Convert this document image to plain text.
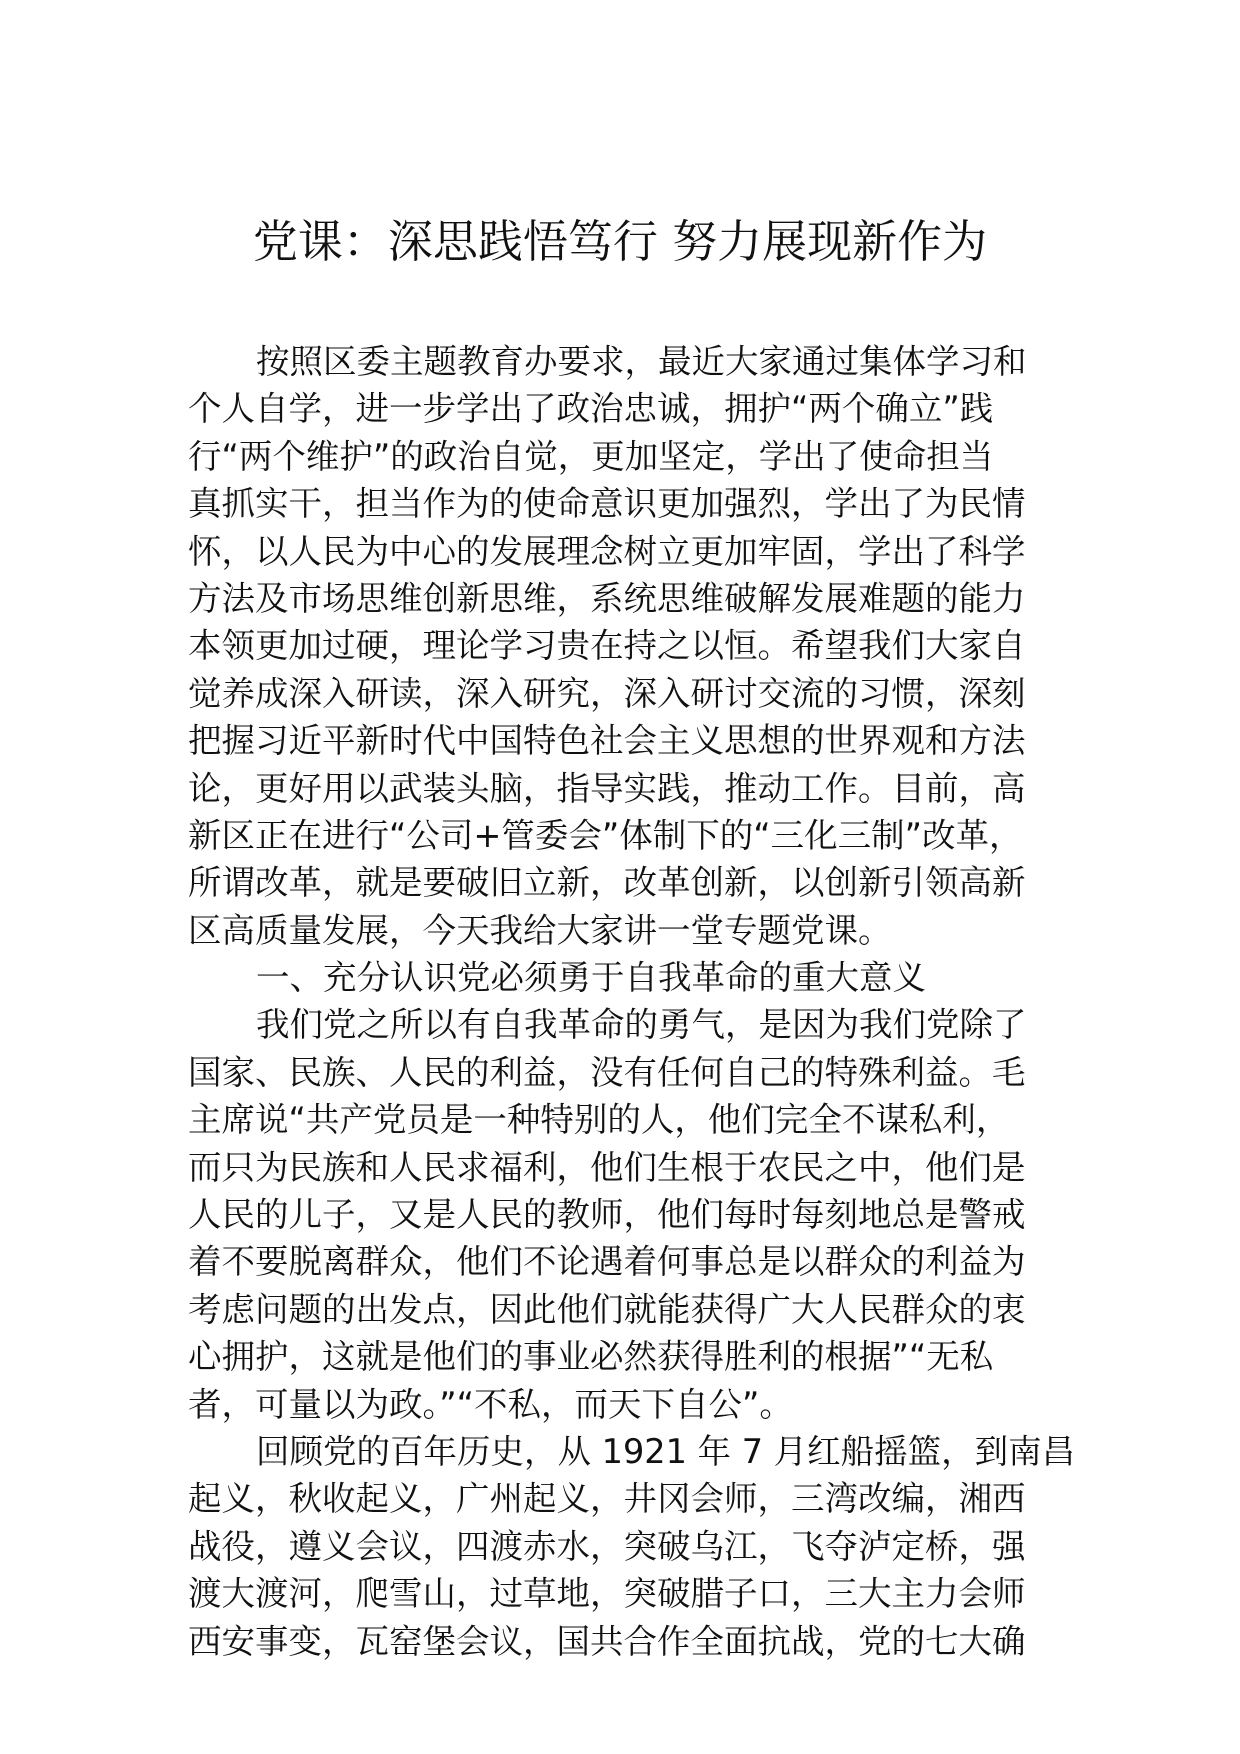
党课：深思践悟笃行 努力展现新作为
按照区委主题教育办要求，最近大家通过集体学习和
个人自学，进一步学出了政治忠诚，拥护“两个确立”践
行“两个维护”的政治自觉，更加坚定，学出了使命担当
真抓实干，担当作为的使命意识更加强烈，学出了为民情
怀，以人民为中心的发展理念树立更加牢固，学出了科学
方法及市场思维创新思维，系统思维破解发展难题的能力
本领更加过硬，理论学习贵在持之以恒。希望我们大家自
觉养成深入研读，深入研究，深入研讨交流的习惯，深刻
把握习近平新时代中国特色社会主义思想的世界观和方法
论，更好用以武装头脑，指导实践，推动工作。目前，高
新区正在进行“公司+管委会”体制下的“三化三制”改革，
所谓改革，就是要破旧立新，改革创新，以创新引领高新
区高质量发展，今天我给大家讲一堂专题党课。
一、充分认识党必须勇于自我革命的重大意义
我们党之所以有自我革命的勇气，是因为我们党除了
国家、民族、人民的利益，没有任何自己的特殊利益。毛
主席说“共产党员是一种特别的人，他们完全不谋私利，
而只为民族和人民求福利，他们生根于农民之中，他们是
人民的儿子，又是人民的教师，他们每时每刻地总是警戒
着不要脱离群众，他们不论遇着何事总是以群众的利益为
考虑问题的出发点，因此他们就能获得广大人民群众的衷
心拥护，这就是他们的事业必然获得胜利的根据”“无私
者，可量以为政。”“不私，而天下自公”。
回顾党的百年历史，从 1921 年 7 月红船摇篮，到南昌
起义，秋收起义，广州起义，井冈会师，三湾改编，湘西
战役，遵义会议，四渡赤水，突破乌江，飞夺泸定桥，强
渡大渡河，爬雪山，过草地，突破腊子口，三大主力会师
西安事变，瓦窑堡会议，国共合作全面抗战，党的七大确
